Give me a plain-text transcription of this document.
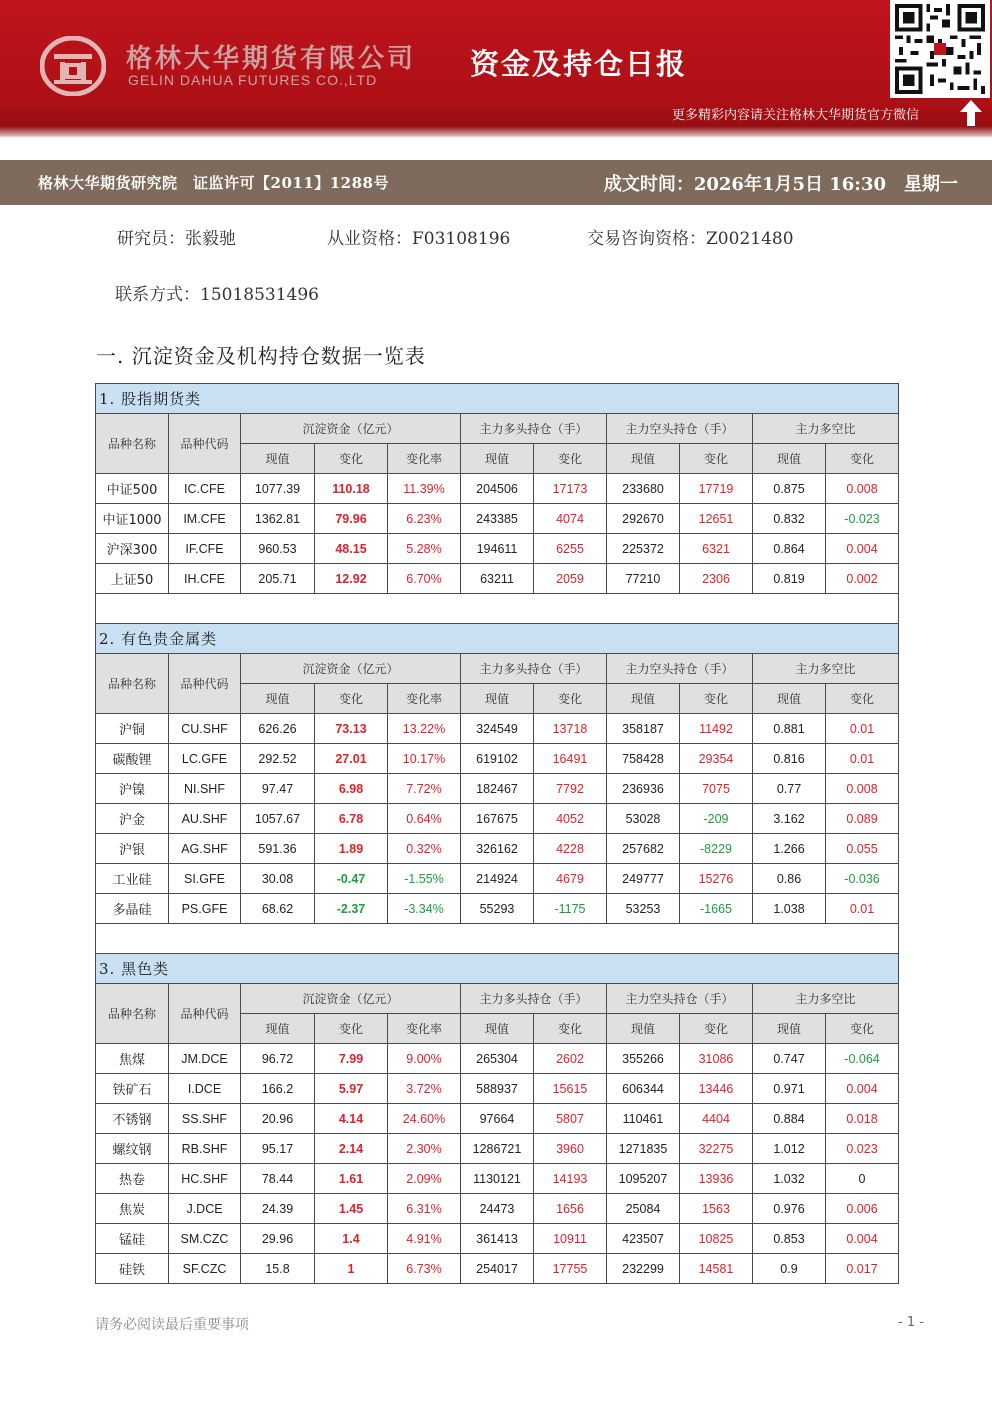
格林大华期货有限公司
GELIN DAHUA FUTURES CO.,LTD	资金及持仓日报
更多精彩内容请关注格林大华期货官方微信
格林大华期货研究院　证监许可【2011】1288号	成文时间：2026年1月5日 16:30　星期一
研究员：张毅驰	从业资格：F03108196	交易咨询资格：Z0021480
联系方式：15018531496
一. 沉淀资金及机构持仓数据一览表
1. 股指期货类										
品种名称	品种代码	沉淀资金（亿元）			主力多头持仓（手）		主力空头持仓（手）		主力多空比	
		现值	变化	变化率	现值	变化	现值	变化	现值	变化
中证500	IC.CFE	1077.39	110.18	11.39%	204506	17173	233680	17719	0.875	0.008
中证1000	IM.CFE	1362.81	79.96	6.23%	243385	4074	292670	12651	0.832	-0.023
沪深300	IF.CFE	960.53	48.15	5.28%	194611	6255	225372	6321	0.864	0.004
上证50	IH.CFE	205.71	12.92	6.70%	63211	2059	77210	2306	0.819	0.002

2. 有色贵金属类										
品种名称	品种代码	沉淀资金（亿元）			主力多头持仓（手）		主力空头持仓（手）		主力多空比	
		现值	变化	变化率	现值	变化	现值	变化	现值	变化
沪铜	CU.SHF	626.26	73.13	13.22%	324549	13718	358187	11492	0.881	0.01
碳酸锂	LC.GFE	292.52	27.01	10.17%	619102	16491	758428	29354	0.816	0.01
沪镍	NI.SHF	97.47	6.98	7.72%	182467	7792	236936	7075	0.77	0.008
沪金	AU.SHF	1057.67	6.78	0.64%	167675	4052	53028	-209	3.162	0.089
沪银	AG.SHF	591.36	1.89	0.32%	326162	4228	257682	-8229	1.266	0.055
工业硅	SI.GFE	30.08	-0.47	-1.55%	214924	4679	249777	15276	0.86	-0.036
多晶硅	PS.GFE	68.62	-2.37	-3.34%	55293	-1175	53253	-1665	1.038	0.01

3. 黑色类										
品种名称	品种代码	沉淀资金（亿元）			主力多头持仓（手）		主力空头持仓（手）		主力多空比	
		现值	变化	变化率	现值	变化	现值	变化	现值	变化
焦煤	JM.DCE	96.72	7.99	9.00%	265304	2602	355266	31086	0.747	-0.064
铁矿石	I.DCE	166.2	5.97	3.72%	588937	15615	606344	13446	0.971	0.004
不锈钢	SS.SHF	20.96	4.14	24.60%	97664	5807	110461	4404	0.884	0.018
螺纹钢	RB.SHF	95.17	2.14	2.30%	1286721	3960	1271835	32275	1.012	0.023
热卷	HC.SHF	78.44	1.61	2.09%	1130121	14193	1095207	13936	1.032	0
焦炭	J.DCE	24.39	1.45	6.31%	24473	1656	25084	1563	0.976	0.006
锰硅	SM.CZC	29.96	1.4	4.91%	361413	10911	423507	10825	0.853	0.004
硅铁	SF.CZC	15.8	1	6.73%	254017	17755	232299	14581	0.9	0.017
请务必阅读最后重要事项	- 1 -
